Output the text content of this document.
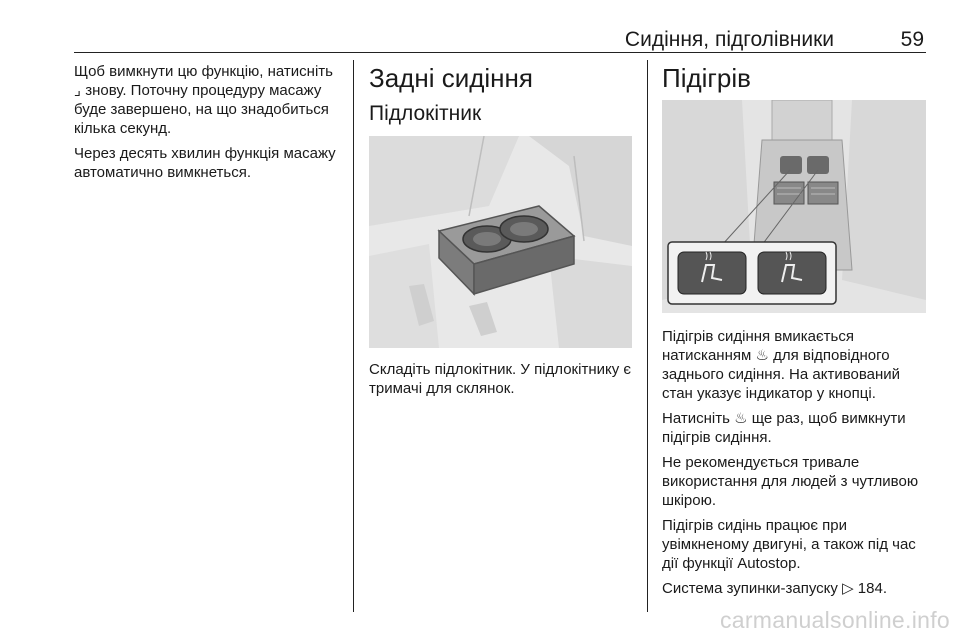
Сидіння, підголівники	59

Щоб вимкнути цю функцію, натисніть ⌟ знову. Поточну процедуру масажу буде завершено, на що знадобиться кілька секунд.

Через десять хвилин функція масажу автоматично вимкнеться.

Задні сидіння
Підлокітник

Складіть підлокітник. У підлокітнику є тримачі для склянок.

Підігрів

Підігрів сидіння вмикається натисканням ♨ для відповідного заднього сидіння. На активований стан указує індикатор у кнопці.

Натисніть ♨ ще раз, щоб вимкнути підігрів сидіння.

Не рекомендується тривале використання для людей з чутливою шкірою.

Підігрів сидінь працює при увімкненому двигуні, а також під час дії функції Autostop.

Система зупинки-запуску ▷ 184.

carmanualsonline.info
